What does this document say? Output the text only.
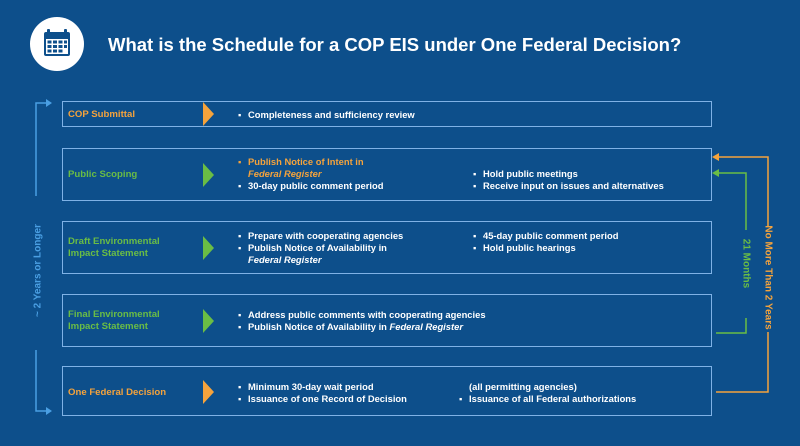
What is the Schedule for a COP EIS under One Federal Decision?
~ 2 Years or Longer	21 Months No More Than 2 Years
COP Submittal	▪ Completeness and sufficiency review
Public Scoping
▪ Publish Notice of Intent in
Federal Register
▪ 30-day public comment period
▪ Hold public meetings
▪ Receive input on issues and alternatives
Draft Environmental
Impact Statement
▪ Prepare with cooperating agencies
▪ Publish Notice of Availability in
Federal Register
▪ 45-day public comment period
▪ Hold public hearings
Final Environmental
Impact Statement
▪ Address public comments with cooperating agencies
▪ Publish Notice of Availability in Federal Register
One Federal Decision
▪ Minimum 30-day wait period
▪ Issuance of one Record of Decision
(all permitting agencies)
▪ Issuance of all Federal authorizations
